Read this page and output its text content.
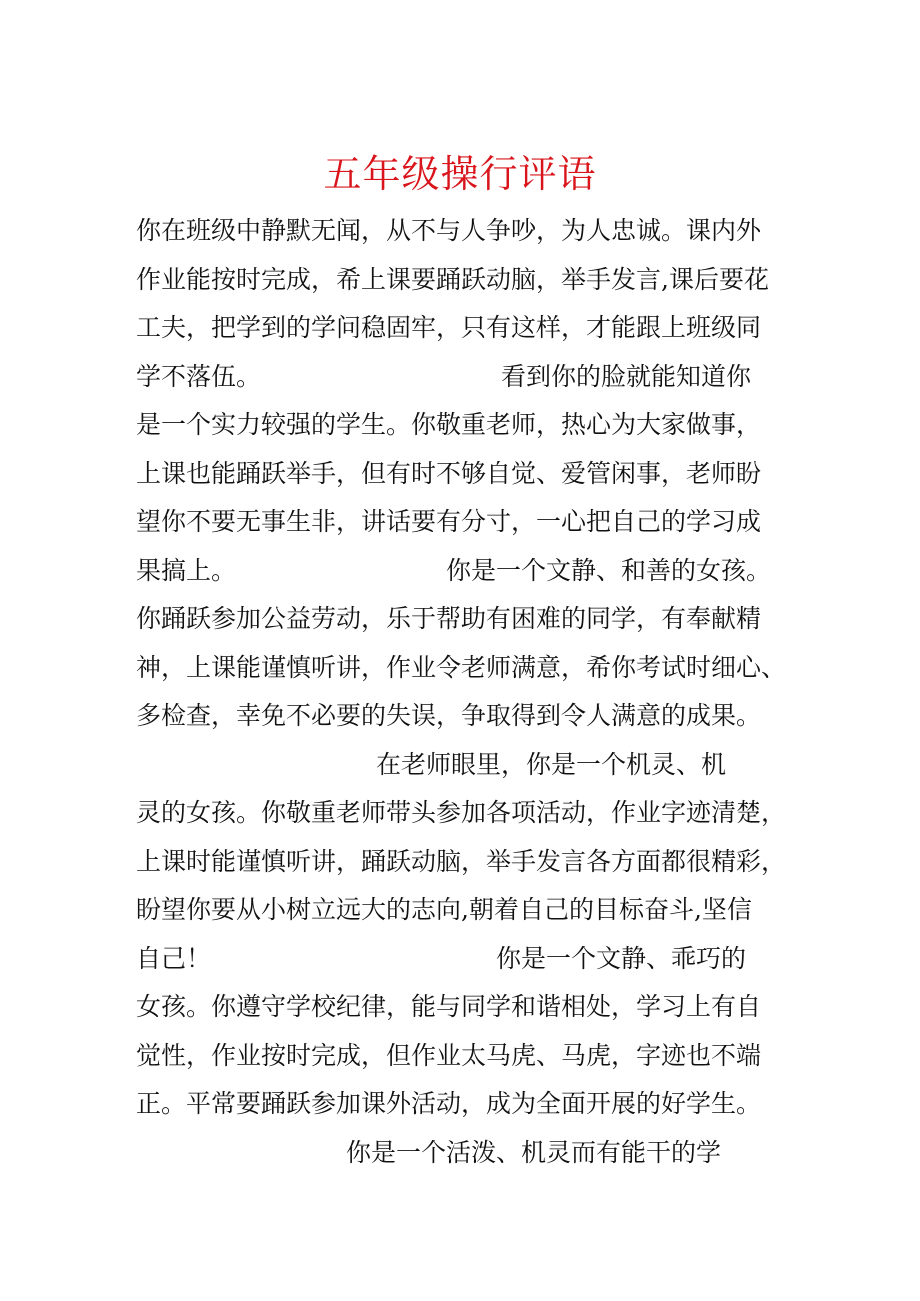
五年级操行评语
你在班级中静默无闻，从不与人争吵，为人忠诚。课内外
作业能按时完成，希上课要踊跃动脑，举手发言,课后要花
工夫，把学到的学问稳固牢，只有这样，才能跟上班级同
学不落伍。	看到你的脸就能知道你
是一个实力较强的学生。你敬重老师，热心为大家做事，
上课也能踊跃举手，但有时不够自觉、爱管闲事，老师盼
望你不要无事生非，讲话要有分寸，一心把自己的学习成
果搞上。	你是一个文静、和善的女孩。
你踊跃参加公益劳动，乐于帮助有困难的同学，有奉献精
神，上课能谨慎听讲，作业令老师满意，希你考试时细心、
多检查，幸免不必要的失误，争取得到令人满意的成果。
在老师眼里，你是一个机灵、机
灵的女孩。你敬重老师带头参加各项活动，作业字迹清楚，
上课时能谨慎听讲，踊跃动脑，举手发言各方面都很精彩，
盼望你要从小树立远大的志向,朝着自己的目标奋斗,坚信
自己！	你是一个文静、乖巧的
女孩。你遵守学校纪律，能与同学和谐相处，学习上有自
觉性，作业按时完成，但作业太马虎、马虎，字迹也不端
正。平常要踊跃参加课外活动，成为全面开展的好学生。
你是一个活泼、机灵而有能干的学
